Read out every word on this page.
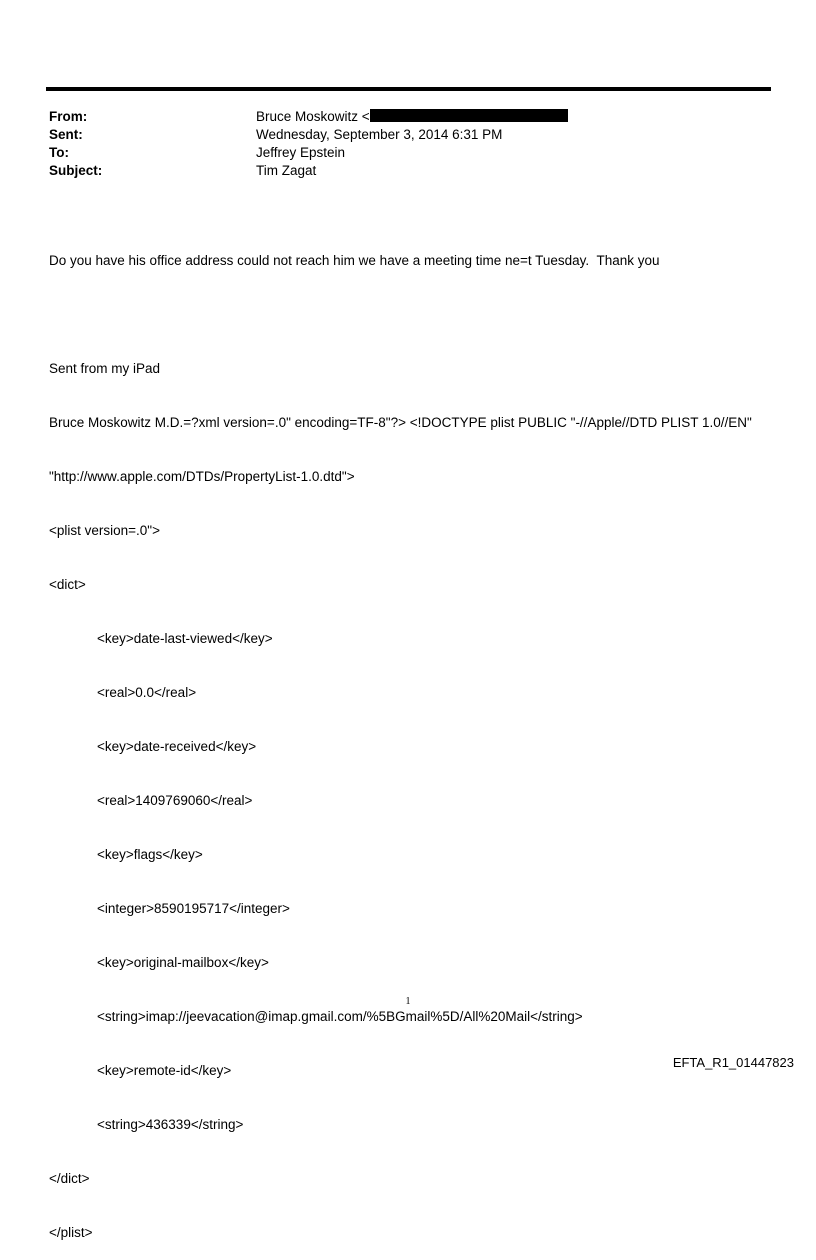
From:	Bruce Moskowitz <
Sent:	Wednesday, September 3, 2014 6:31 PM
To:	Jeffrey Epstein
Subject:	Tim Zagat

Do you have his office address could not reach him we have a meeting time ne=t Tuesday.  Thank you

Sent from my iPad

Bruce Moskowitz M.D.=?xml version=.0" encoding=TF-8"?> <!DOCTYPE plist PUBLIC "-//Apple//DTD PLIST 1.0//EN"

"http://www.apple.com/DTDs/PropertyList-1.0.dtd">

<plist version=.0">

<dict>

<key>date-last-viewed</key>

<real>0.0</real>

<key>date-received</key>

<real>1409769060</real>

<key>flags</key>

<integer>8590195717</integer>

<key>original-mailbox</key>

<string>imap://jeevacation@imap.gmail.com/%5BGmail%5D/All%20Mail</string>

<key>remote-id</key>

<string>436339</string>

</dict>

</plist>

1
EFTA_R1_01447823
